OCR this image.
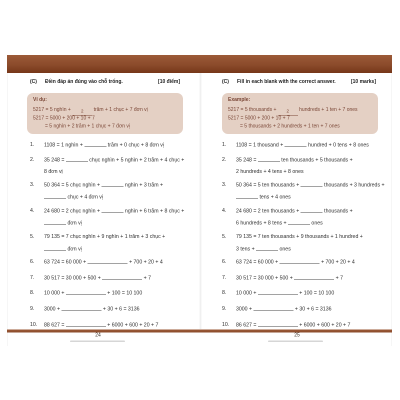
(C) Điền đáp án đúng vào chỗ trống.	[10 điểm]
Ví dụ:
5217 = 5 nghìn + 2 trăm + 1 chục + 7 đơn vị
5217 = 5000 + 200 + 10 + 7
= 5 nghìn + 2 trăm + 1 chục + 7 đơn vị
1. 1108 = 1 nghìn +  trăm + 0 chục + 8 đơn vị
2. 35 248 =  chục nghìn + 5 nghìn + 2 trăm + 4 chục +
8 đơn vị
3. 50 364 = 5 chục nghìn +  nghìn + 3 trăm +
chục + 4 đơn vị
4. 24 680 = 2 chục nghìn +  nghìn + 6 trăm + 8 chục +
đơn vị
5. 79 135 = 7 chục nghìn + 9 nghìn + 1 trăm + 3 chục +
đơn vị
6. 63 724 = 60 000 +	+ 700 + 20 + 4
7. 30 517 = 30 000 + 500 +	+ 7
8. 10 000 +	+ 100 = 10 100
9. 3000 +	+ 30 + 6 = 3136
10. 88 627 =	+ 6000 + 600 + 20 + 7
24
(C) Fill in each blank with the correct answer. [10 marks]
Example:
5217 = 5 thousands + 2 hundreds + 1 ten + 7 ones
5217 = 5000 + 200 + 10 + 7
= 5 thousands + 2 hundreds + 1 ten + 7 ones
1. 1108 = 1 thousand +  hundred + 0 tens + 8 ones
2. 35 248 =  ten thousands + 5 thousands +
2 hundreds + 4 tens + 8 ones
3. 50 364 = 5 ten thousands +  thousands + 3 hundreds +
tens + 4 ones
4. 24 680 = 2 ten thousands +  thousands +
6 hundreds + 8 tens +  ones
5. 79 135 = 7 ten thousands + 9 thousands + 1 hundred +
3 tens +  ones
6. 63 724 = 60 000 +	+ 700 + 20 + 4
7. 30 517 = 30 000 + 500 +	+ 7
8. 10 000 +	+ 100 = 10 100
9. 3000 +	+ 30 + 6 = 3136
10. 86 627 =	+ 6000 + 600 + 20 + 7
25
